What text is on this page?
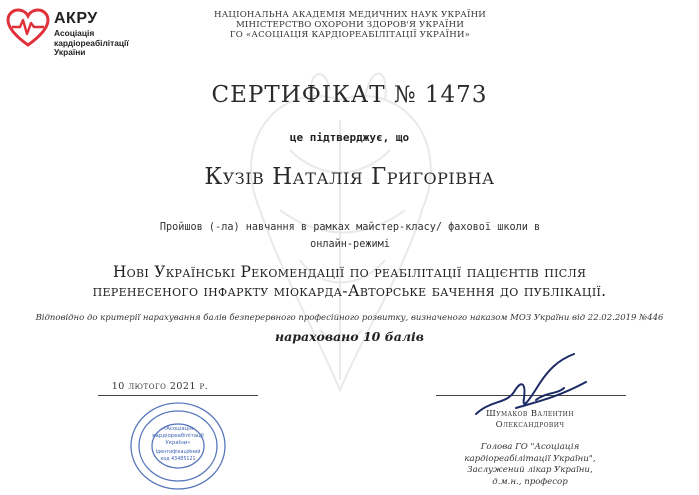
АКРУ
Асоціація
кардіореабілітації
України
НАЦІОНАЛЬНА АКАДЕМІЯ МЕДИЧНИХ НАУК УКРАЇНИ
МІНІСТЕРСТВО ОХОРОНИ ЗДОРОВ'Я УКРАЇНИ
ГО «АСОЦІАЦІЯ КАРДІОРЕАБІЛІТАЦІЇ УКРАЇНИ»
СЕРТИФІКАТ № 1473
це підтверджує, що
Кузів Наталія Григорівна
Пройшов (-ла) навчання в рамках майстер-класу/ фахової школи в
онлайн-режимі
Нові Українські Рекомендації по реабілітації пацієнтів після
перенесеного інфаркту міокарда-Авторське бачення до публікації.
Відповідно до критерії нарахування балів безперервного професійного розвитку, визначеного наказом МОЗ України від 22.02.2019 №446
нараховано 10 балів
10 лютого 2021 р.
«Асоціація
кардіореабілітації
України»
Ідентифікаційний
код 43485121
Шумаков Валентин
Олександрович
Голова ГО "Асоціація
кардіореабілітації України",
Заслужений лікар України,
д.м.н., професор
